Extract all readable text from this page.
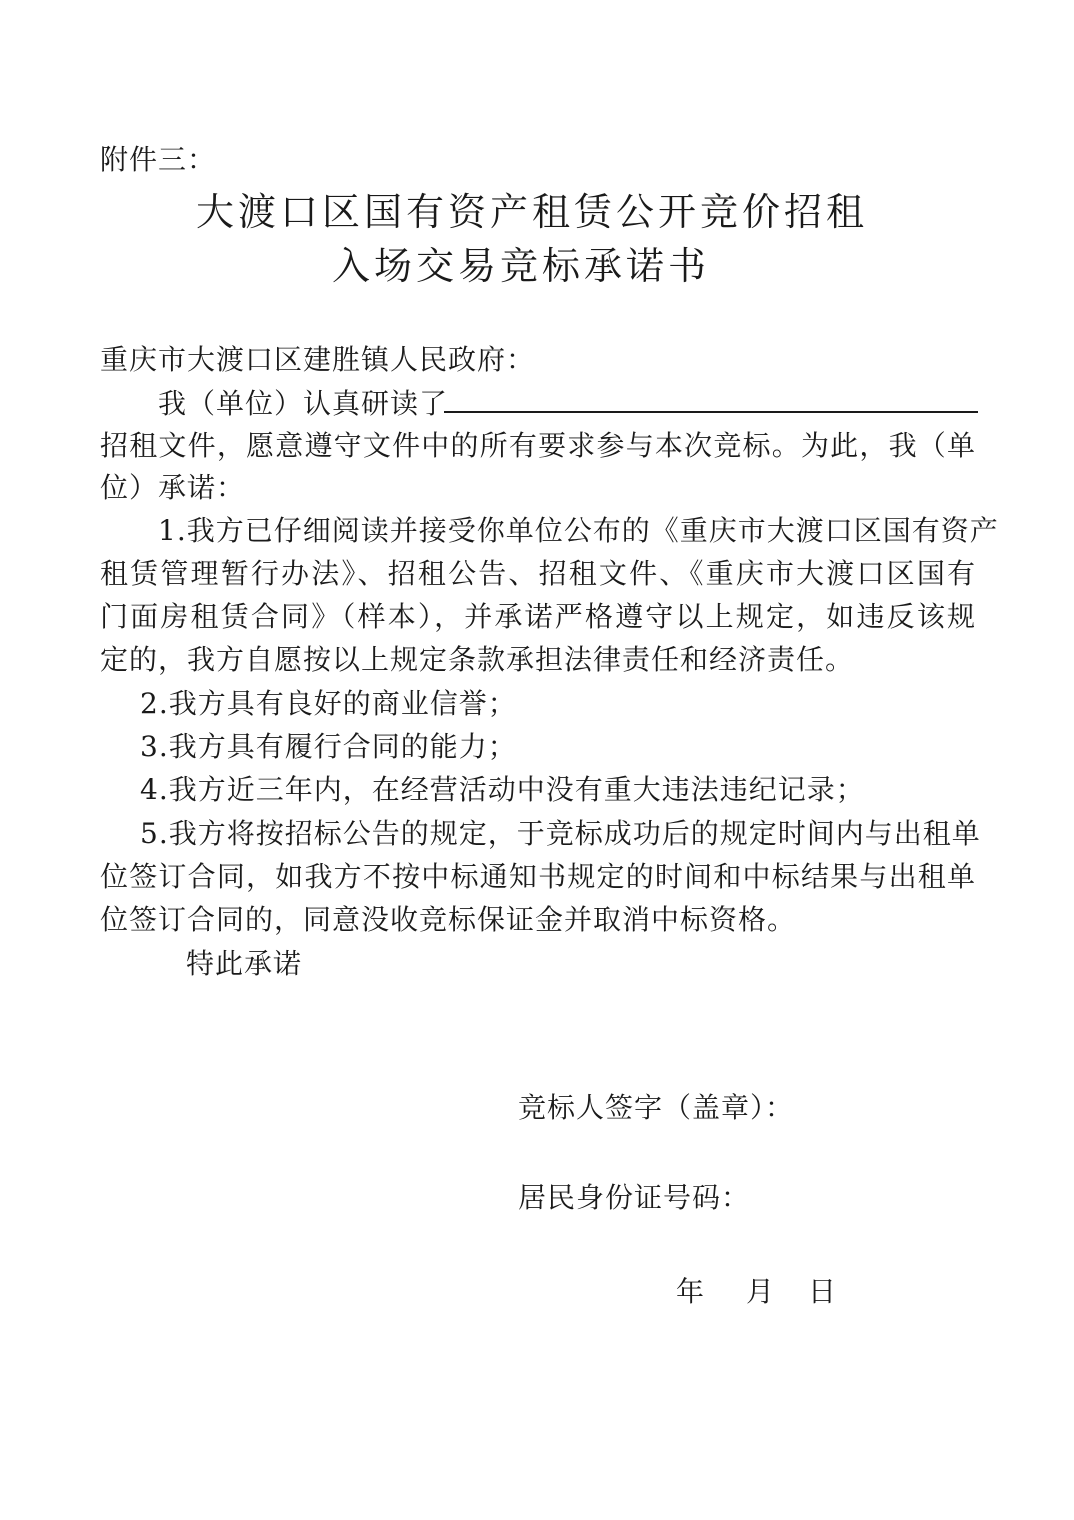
附件三：
大渡口区国有资产租赁公开竞价招租
入场交易竞标承诺书
重庆市大渡口区建胜镇人民政府：
我（单位）认真研读了
招租文件，愿意遵守文件中的所有要求参与本次竞标。为此，我（单
位）承诺：
1.我方已仔细阅读并接受你单位公布的《重庆市大渡口区国有资产
租赁管理暂行办法》、招租公告、招租文件、《重庆市大渡口区国有
门面房租赁合同》（样本），并承诺严格遵守以上规定，如违反该规
定的，我方自愿按以上规定条款承担法律责任和经济责任。
2.我方具有良好的商业信誉；
3.我方具有履行合同的能力；
4.我方近三年内，在经营活动中没有重大违法违纪记录；
5.我方将按招标公告的规定，于竞标成功后的规定时间内与出租单
位签订合同，如我方不按中标通知书规定的时间和中标结果与出租单
位签订合同的，同意没收竞标保证金并取消中标资格。
特此承诺
竞标人签字（盖章）：
居民身份证号码：
年 月 日
